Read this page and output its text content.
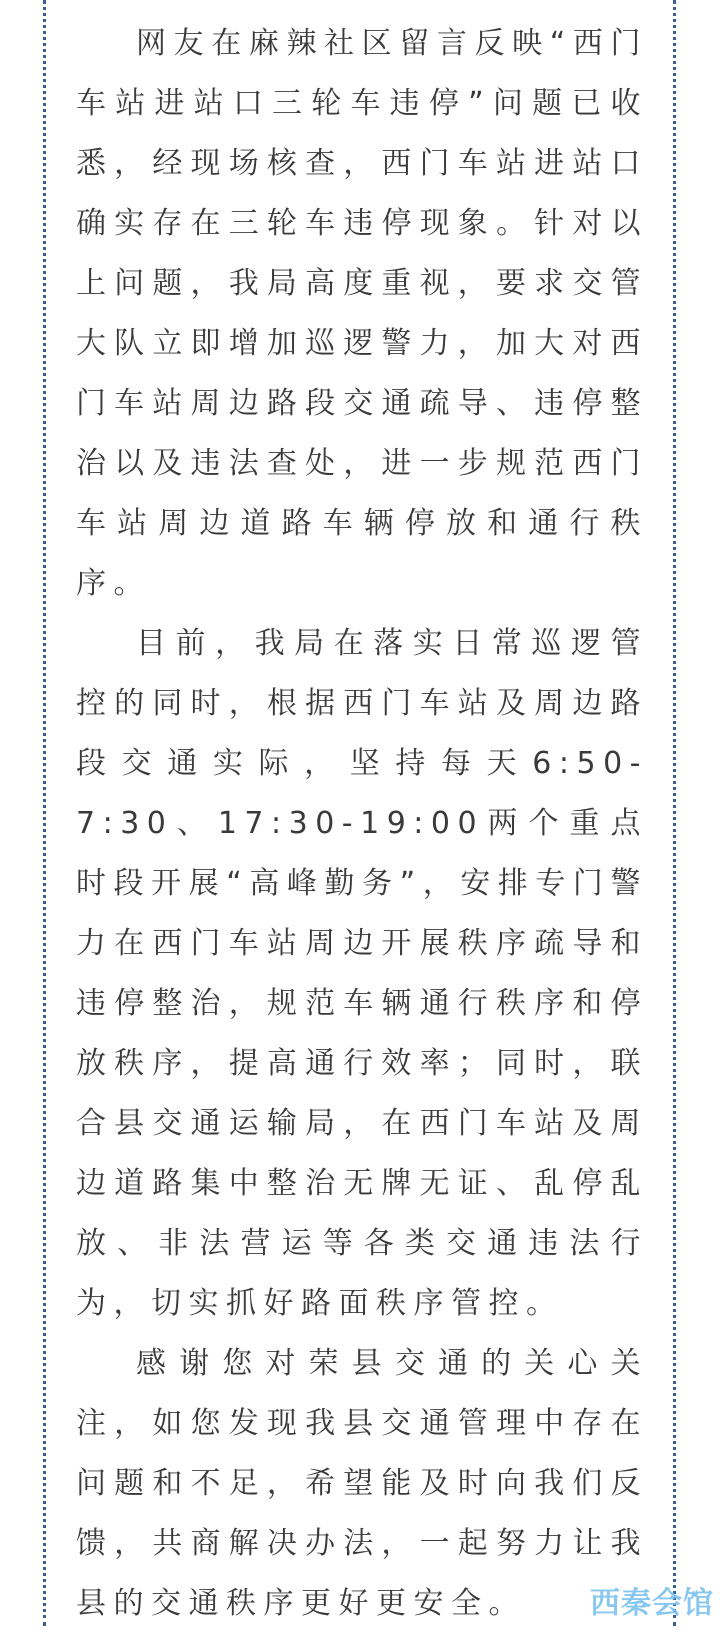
网友在麻辣社区留言反映“西门车站进站口三轮车违停”问题已收悉，经现场核查，西门车站进站口确实存在三轮车违停现象。针对以上问题，我局高度重视，要求交管大队立即增加巡逻警力，加大对西门车站周边路段交通疏导、违停整治以及违法查处，进一步规范西门车站周边道路车辆停放和通行秩序。

目前，我局在落实日常巡逻管控的同时，根据西门车站及周边路段交通实际，坚持每天6:50-7:30、17:30-19:00两个重点时段开展“高峰勤务”，安排专门警力在西门车站周边开展秩序疏导和违停整治，规范车辆通行秩序和停放秩序，提高通行效率；同时，联合县交通运输局，在西门车站及周边道路集中整治无牌无证、乱停乱放、非法营运等各类交通违法行为，切实抓好路面秩序管控。

感谢您对荣县交通的关心关注，如您发现我县交通管理中存在问题和不足，希望能及时向我们反馈，共商解决办法，一起努力让我县的交通秩序更好更安全。	西秦会馆
